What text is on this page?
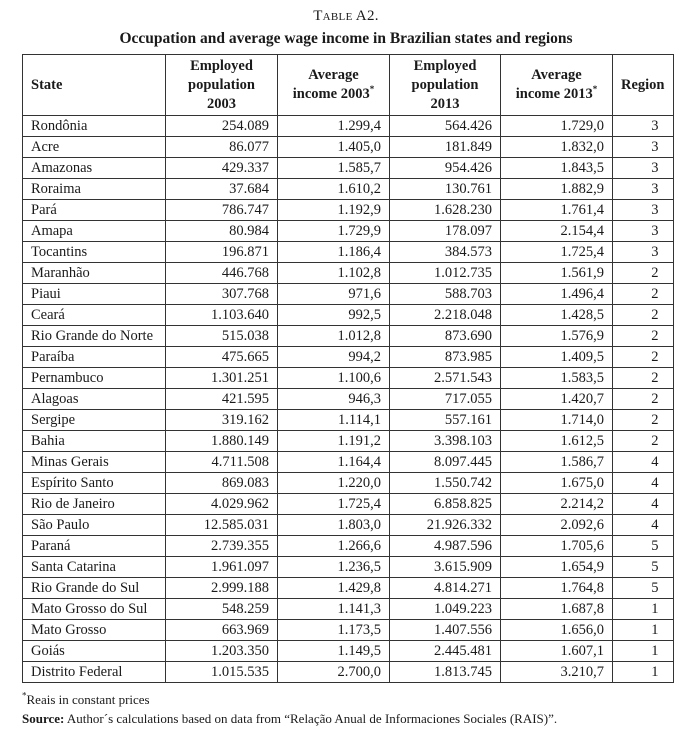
Table A2.
Occupation and average wage income in Brazilian states and regions
State	Employed population 2003	Average income 2003*	Employed population 2013	Average income 2013*	Region
Rondônia	254.089	1.299,4	564.426	1.729,0	3
Acre	86.077	1.405,0	181.849	1.832,0	3
Amazonas	429.337	1.585,7	954.426	1.843,5	3
Roraima	37.684	1.610,2	130.761	1.882,9	3
Pará	786.747	1.192,9	1.628.230	1.761,4	3
Amapa	80.984	1.729,9	178.097	2.154,4	3
Tocantins	196.871	1.186,4	384.573	1.725,4	3
Maranhão	446.768	1.102,8	1.012.735	1.561,9	2
Piaui	307.768	971,6	588.703	1.496,4	2
Ceará	1.103.640	992,5	2.218.048	1.428,5	2
Rio Grande do Norte	515.038	1.012,8	873.690	1.576,9	2
Paraíba	475.665	994,2	873.985	1.409,5	2
Pernambuco	1.301.251	1.100,6	2.571.543	1.583,5	2
Alagoas	421.595	946,3	717.055	1.420,7	2
Sergipe	319.162	1.114,1	557.161	1.714,0	2
Bahia	1.880.149	1.191,2	3.398.103	1.612,5	2
Minas Gerais	4.711.508	1.164,4	8.097.445	1.586,7	4
Espírito Santo	869.083	1.220,0	1.550.742	1.675,0	4
Rio de Janeiro	4.029.962	1.725,4	6.858.825	2.214,2	4
São Paulo	12.585.031	1.803,0	21.926.332	2.092,6	4
Paraná	2.739.355	1.266,6	4.987.596	1.705,6	5
Santa Catarina	1.961.097	1.236,5	3.615.909	1.654,9	5
Rio Grande do Sul	2.999.188	1.429,8	4.814.271	1.764,8	5
Mato Grosso do Sul	548.259	1.141,3	1.049.223	1.687,8	1
Mato Grosso	663.969	1.173,5	1.407.556	1.656,0	1
Goiás	1.203.350	1.149,5	2.445.481	1.607,1	1
Distrito Federal	1.015.535	2.700,0	1.813.745	3.210,7	1
*Reais in constant prices
Source: Author´s calculations based on data from “Relação Anual de Informaciones Sociales (RAIS)”.
